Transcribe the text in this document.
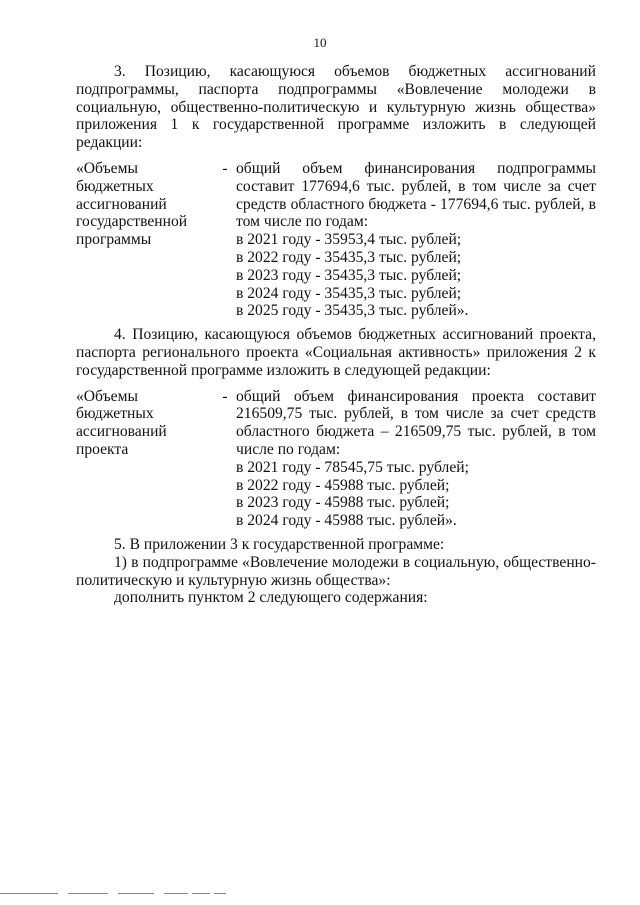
10

3. Позицию, касающуюся объемов бюджетных ассигнований подпрограммы, паспорта подпрограммы «Вовлечение молодежи в социальную, общественно-политическую и культурную жизнь общества» приложения 1 к государственной программе изложить в следующей редакции:

«Объемы
бюджетных
ассигнований
государственной
программы
- общий объем финансирования подпрограммы составит 177694,6 тыс. рублей, в том числе за счет средств областного бюджета - 177694,6 тыс. рублей, в том числе по годам:
в 2021 году - 35953,4 тыс. рублей;
в 2022 году - 35435,3 тыс. рублей;
в 2023 году - 35435,3 тыс. рублей;
в 2024 году - 35435,3 тыс. рублей;
в 2025 году - 35435,3 тыс. рублей».

4. Позицию, касающуюся объемов бюджетных ассигнований проекта, паспорта регионального проекта «Социальная активность» приложения 2 к государственной программе изложить в следующей редакции:

«Объемы
бюджетных
ассигнований
проекта
- общий объем финансирования проекта составит 216509,75 тыс. рублей, в том числе за счет средств областного бюджета – 216509,75 тыс. рублей, в том числе по годам:
в 2021 году - 78545,75 тыс. рублей;
в 2022 году - 45988 тыс. рублей;
в 2023 году - 45988 тыс. рублей;
в 2024 году - 45988 тыс. рублей».

5. В приложении 3 к государственной программе:

1) в подпрограмме «Вовлечение молодежи в социальную, общественно-политическую и культурную жизнь общества»:

дополнить пунктом 2 следующего содержания:
